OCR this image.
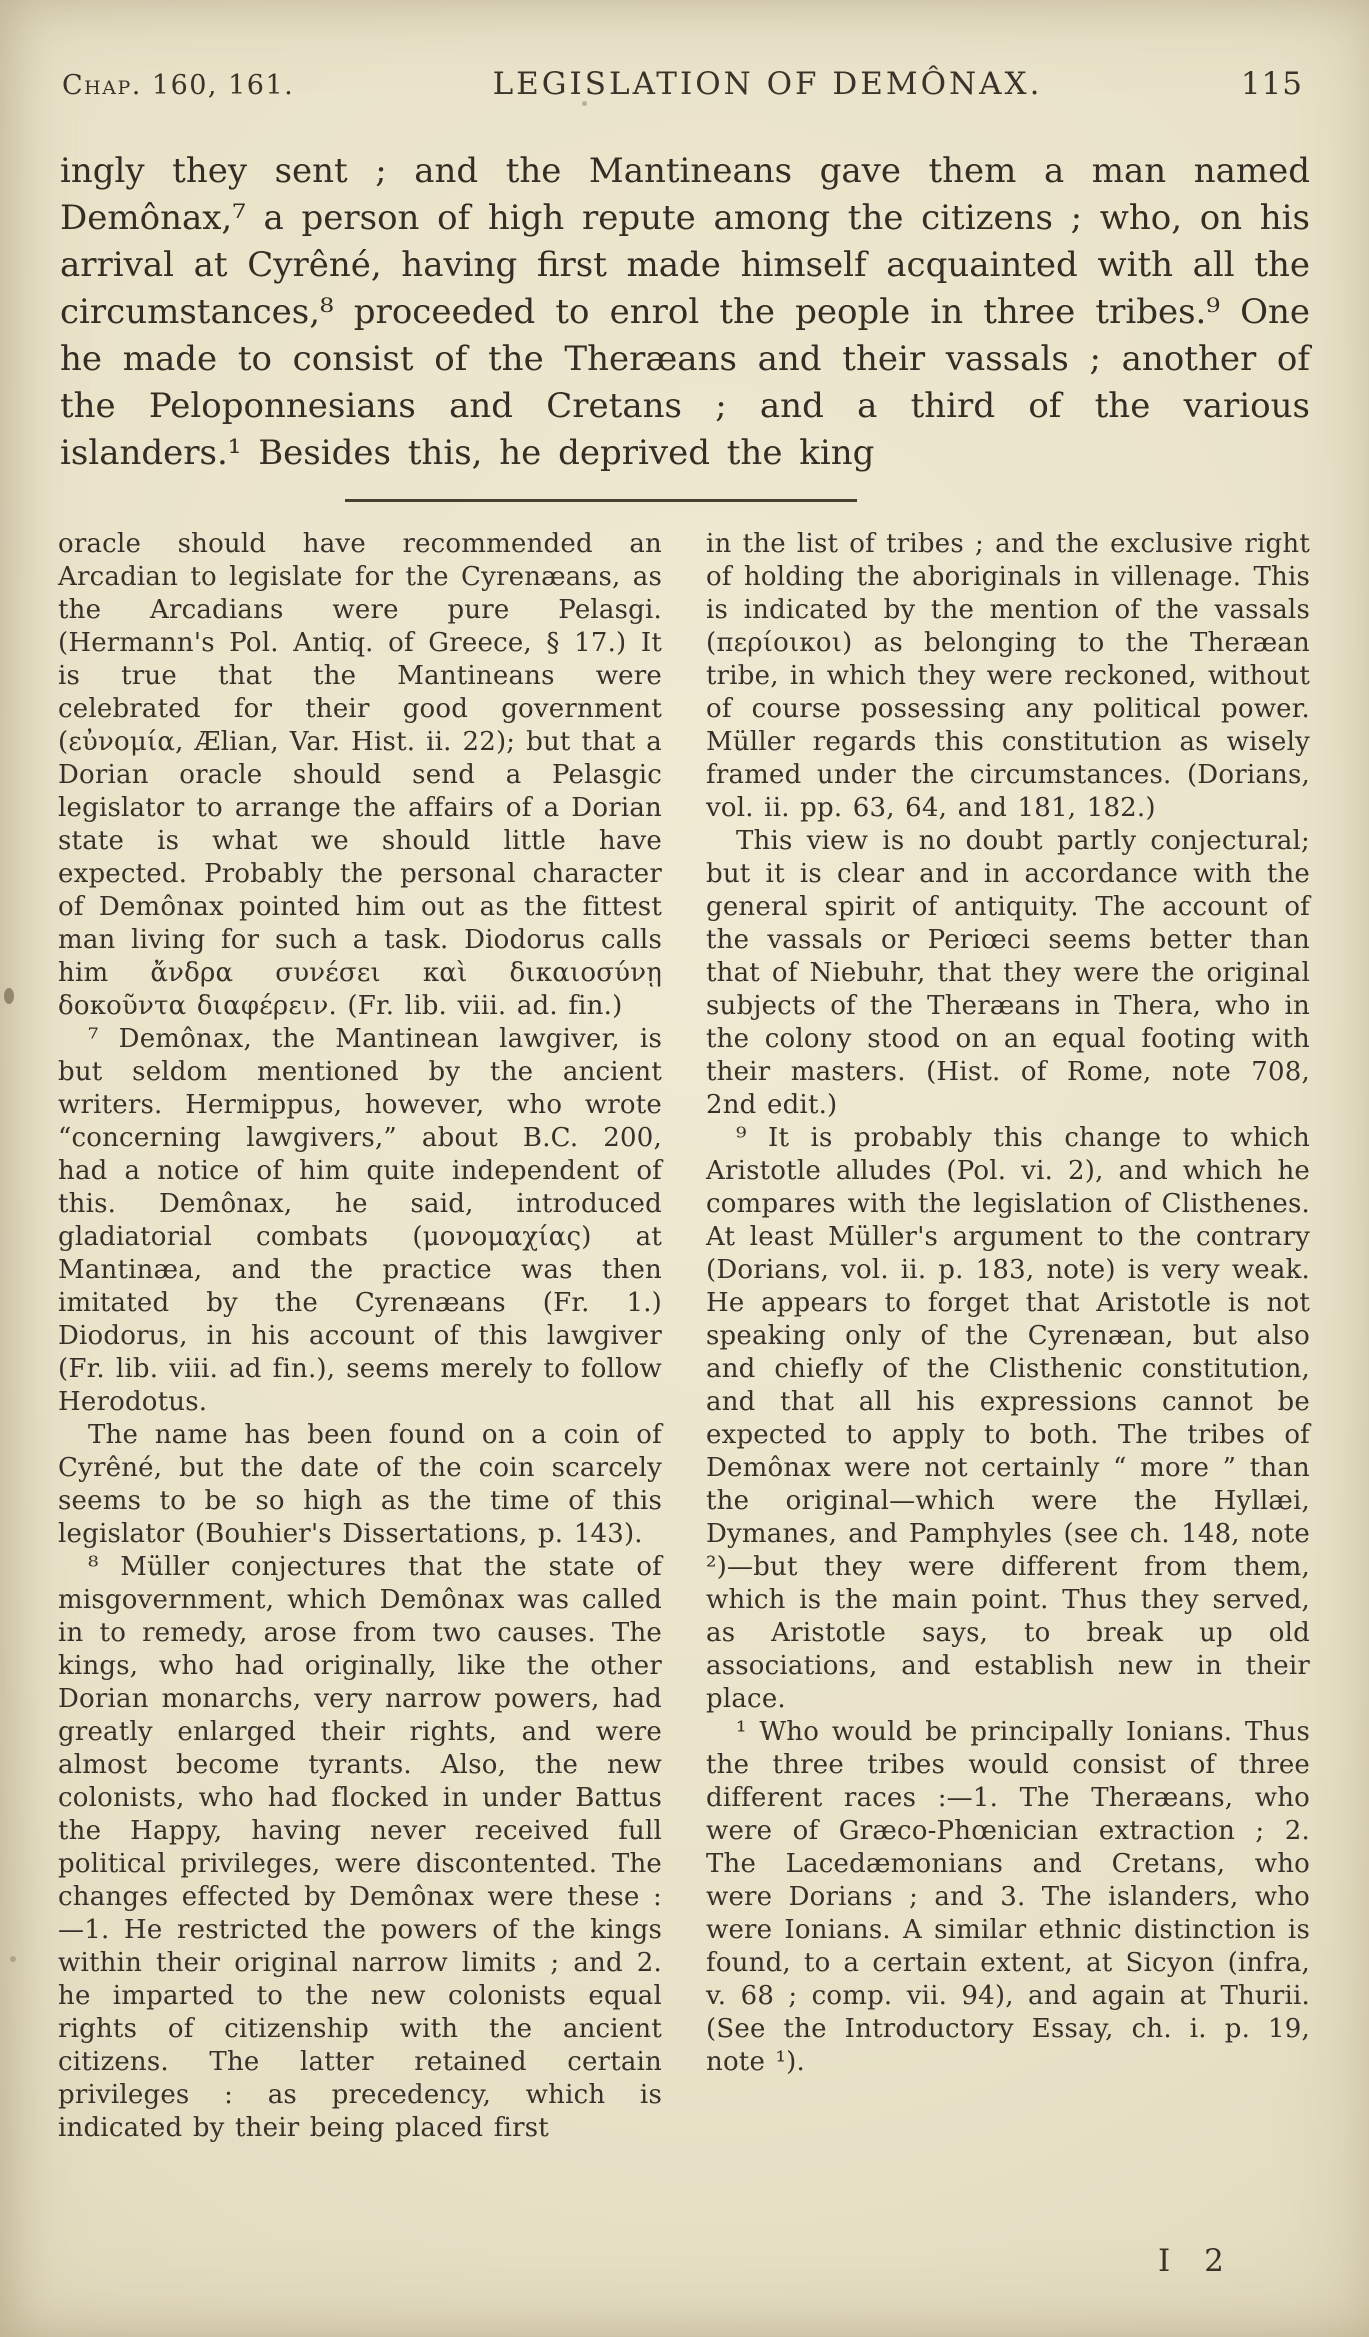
Chap. 160, 161.	LEGISLATION OF DEMÔNAX.	115
ingly they sent ; and the Mantineans gave them a man named Demônax,⁷ a person of high repute among the citizens ; who, on his arrival at Cyrêné, having first made himself acquainted with all the circumstances,⁸ proceeded to enrol the people in three tribes.⁹ One he made to consist of the Theræans and their vassals ; another of the Peloponnesians and Cretans ; and a third of the various islanders.¹ Besides this, he deprived the king

oracle should have recommended an Arcadian to legislate for the Cyrenæans, as the Arcadians were pure Pelasgi. (Hermann's Pol. Antiq. of Greece, § 17.) It is true that the Mantineans were celebrated for their good government (εὐνομία, Ælian, Var. Hist. ii. 22); but that a Dorian oracle should send a Pelasgic legislator to arrange the affairs of a Dorian state is what we should little have expected. Probably the personal character of Demônax pointed him out as the fittest man living for such a task. Diodorus calls him ἄνδρα συνέσει καὶ δικαιοσύνῃ δοκοῦντα διαφέρειν. (Fr. lib. viii. ad. fin.)

⁷ Demônax, the Mantinean lawgiver, is but seldom mentioned by the ancient writers. Hermippus, however, who wrote “concerning lawgivers,” about B.C. 200, had a notice of him quite independent of this. Demônax, he said, introduced gladiatorial combats (μονομαχίας) at Mantinæa, and the practice was then imitated by the Cyrenæans (Fr. 1.) Diodorus, in his account of this lawgiver (Fr. lib. viii. ad fin.), seems merely to follow Herodotus.

The name has been found on a coin of Cyrêné, but the date of the coin scarcely seems to be so high as the time of this legislator (Bouhier's Dissertations, p. 143).

⁸ Müller conjectures that the state of misgovernment, which Demônax was called in to remedy, arose from two causes. The kings, who had originally, like the other Dorian monarchs, very narrow powers, had greatly enlarged their rights, and were almost become tyrants. Also, the new colonists, who had flocked in under Battus the Happy, having never received full political privileges, were discontented. The changes effected by Demônax were these :—1. He restricted the powers of the kings within their original narrow limits ; and 2. he imparted to the new colonists equal rights of citizenship with the ancient citizens. The latter retained certain privileges : as precedency, which is indicated by their being placed first

in the list of tribes ; and the exclusive right of holding the aboriginals in villenage. This is indicated by the mention of the vassals (περίοικοι) as belonging to the Theræan tribe, in which they were reckoned, without of course possessing any political power. Müller regards this constitution as wisely framed under the circumstances. (Dorians, vol. ii. pp. 63, 64, and 181, 182.)

This view is no doubt partly conjectural; but it is clear and in accordance with the general spirit of antiquity. The account of the vassals or Periœci seems better than that of Niebuhr, that they were the original subjects of the Theræans in Thera, who in the colony stood on an equal footing with their masters. (Hist. of Rome, note 708, 2nd edit.)

⁹ It is probably this change to which Aristotle alludes (Pol. vi. 2), and which he compares with the legislation of Clisthenes. At least Müller's argument to the contrary (Dorians, vol. ii. p. 183, note) is very weak. He appears to forget that Aristotle is not speaking only of the Cyrenæan, but also and chiefly of the Clisthenic constitution, and that all his expressions cannot be expected to apply to both. The tribes of Demônax were not certainly “ more ” than the original—which were the Hyllæi, Dymanes, and Pamphyles (see ch. 148, note ²)—but they were different from them, which is the main point. Thus they served, as Aristotle says, to break up old associations, and establish new in their place.

¹ Who would be principally Ionians. Thus the three tribes would consist of three different races :—1. The Theræans, who were of Græco-Phœnician extraction ; 2. The Lacedæmonians and Cretans, who were Dorians ; and 3. The islanders, who were Ionians. A similar ethnic distinction is found, to a certain extent, at Sicyon (infra, v. 68 ; comp. vii. 94), and again at Thurii. (See the Introductory Essay, ch. i. p. 19, note ¹).

I 2
